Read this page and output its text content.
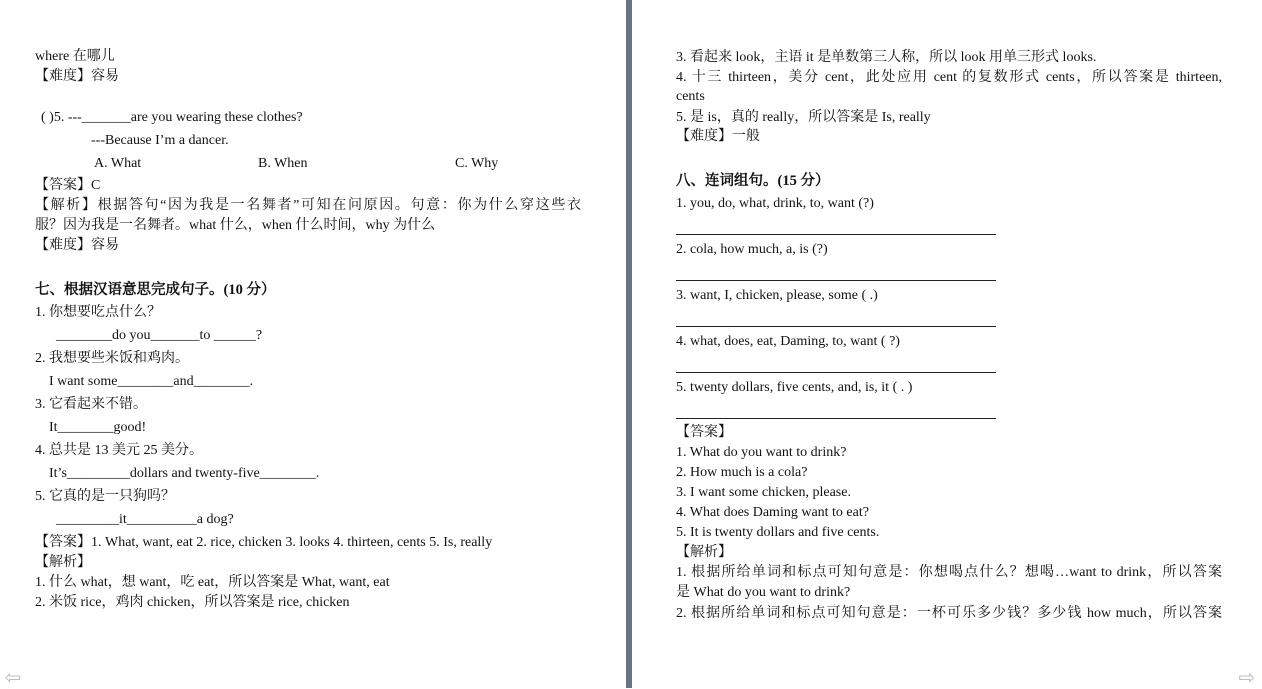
where 在哪儿
【难度】容易
( )5. ---_______are you wearing these clothes?
---Because I’m a dancer.
A. What	B. When	C. Why
【答案】C
【解析】根据答句“因为我是一名舞者”可知在问原因。句意：你为什么穿这些衣
服？因为我是一名舞者。what 什么，when 什么时间，why 为什么
【难度】容易
七、根据汉语意思完成句子。(10 分）
1. 你想要吃点什么？
________do you_______to ______?
2. 我想要些米饭和鸡肉。
I want some________and________.
3. 它看起来不错。
It________good!
4. 总共是 13 美元 25 美分。
It’s_________dollars and twenty-five________.
5. 它真的是一只狗吗？
_________it__________a dog?
【答案】1. What, want, eat 2. rice, chicken 3. looks 4. thirteen, cents 5. Is, really
【解析】
1. 什么 what，想 want，吃 eat，所以答案是 What, want, eat
2. 米饭 rice，鸡肉 chicken，所以答案是 rice, chicken
3. 看起来 look，主语 it 是单数第三人称，所以 look 用单三形式 looks.
4. 十三 thirteen，美分 cent，此处应用 cent 的复数形式 cents，所以答案是 thirteen,
cents
5. 是 is，真的 really，所以答案是 Is, really
【难度】一般
八、连词组句。(15 分）
1. you, do, what, drink, to, want (?)
2. cola, how much, a, is (?)
3. want, I, chicken, please, some ( .)
4. what, does, eat, Daming, to, want ( ?)
5. twenty dollars, five cents, and, is, it ( . )
【答案】
1. What do you want to drink?
2. How much is a cola?
3. I want some chicken, please.
4. What does Daming want to eat?
5. It is twenty dollars and five cents.
【解析】
1. 根据所给单词和标点可知句意是：你想喝点什么？想喝…want to drink，所以答案
是 What do you want to drink?
2. 根据所给单词和标点可知句意是：一杯可乐多少钱？多少钱 how much，所以答案
⇦	⇨
